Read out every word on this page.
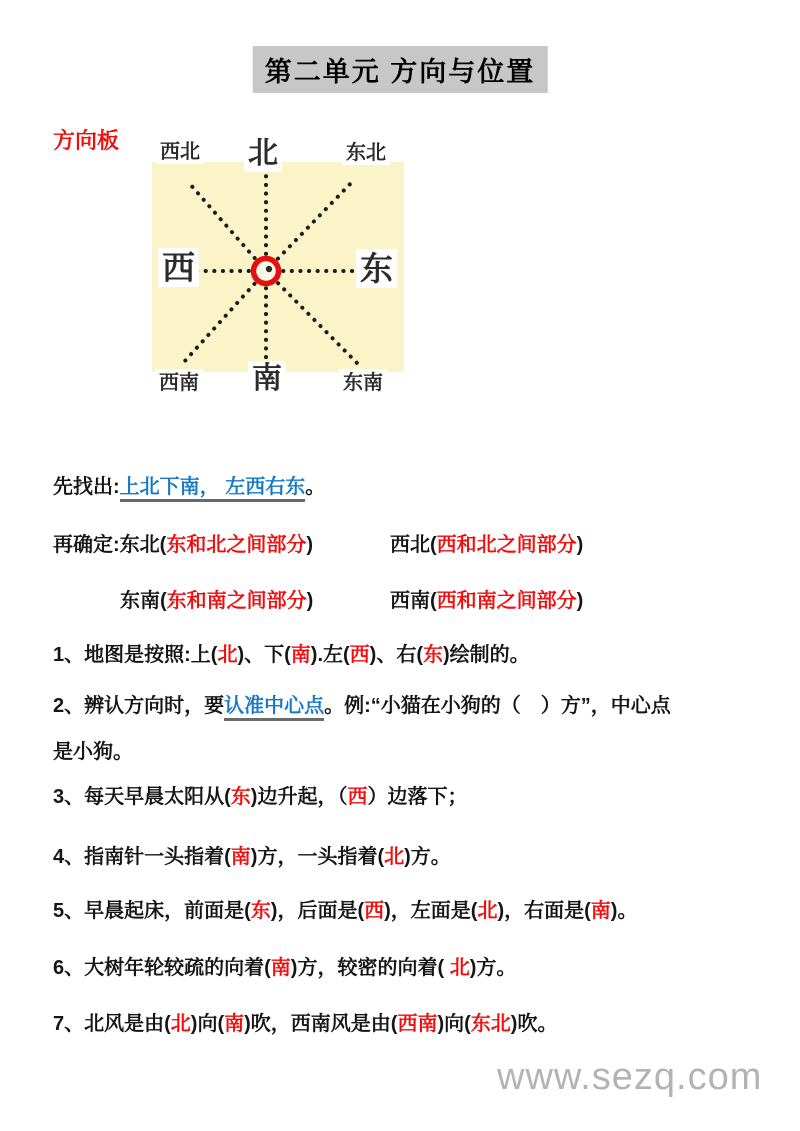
第二单元 方向与位置
方向板 西北 北	东北
西	东
西南 南	东南
先找出:上北下南， 左西右东。

再确定:东北(东和北之间部分)

	西北(西和北之间部分)

东南(东和南之间部分)

	西南(西和南之间部分)

1、地图是按照:上(北)、下(南).左(西)、右(东)绘制的。
2、辨认方向时，要认准中心点。例:“小猫在小狗的（　）方”，中心点
是小狗。
3、每天早晨太阳从(东)边升起，（西）边落下；
4、指南针一头指着(南)方，一头指着(北)方。
5、早晨起床，前面是(东)，后面是(西)，左面是(北)，右面是(南)。
6、大树年轮较疏的向着(南)方，较密的向着( 北)方。
7、北风是由(北)向(南)吹，西南风是由(西南)向(东北)吹。
www.sezq.com
